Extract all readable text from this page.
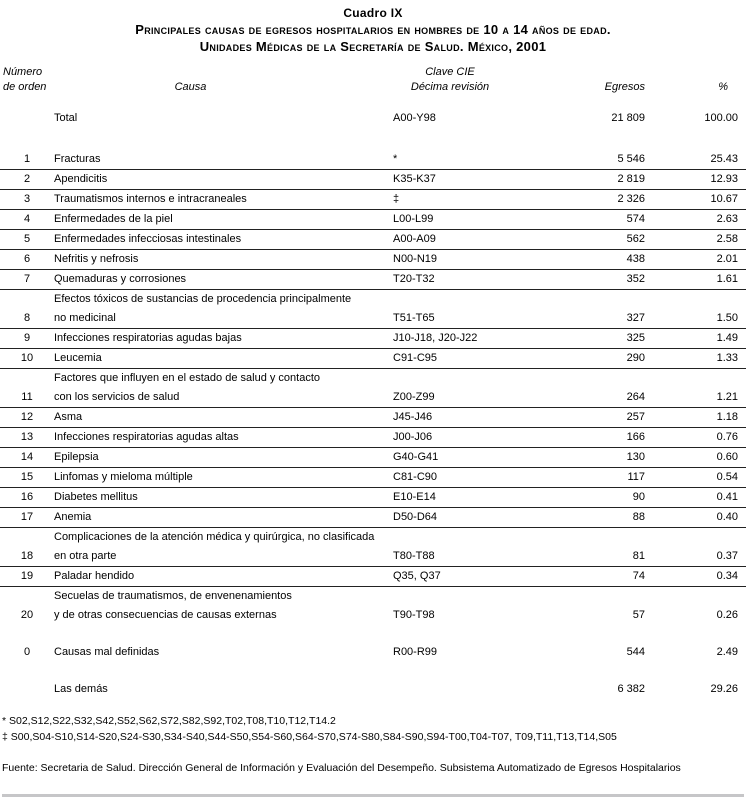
Cuadro IX
Principales causas de egresos hospitalarios en hombres de 10 a 14 años de edad.
Unidades Médicas de la Secretaría de Salud. México, 2001
Número
de orden	Causa

Clave CIE
Décima revisión	Egresos	%

	Total	A00-Y98	21 809	100.00
1	Fracturas	*	5 546	25.43
2	Apendicitis	K35-K37	2 819	12.93
3	Traumatismos internos e intracraneales	‡	2 326	10.67
4	Enfermedades de la piel	L00-L99	574	2.63
5	Enfermedades infecciosas intestinales	A00-A09	562	2.58
6	Nefritis y nefrosis	N00-N19	438	2.01
7	Quemaduras y corrosiones	T20-T32	352	1.61
8	Efectos tóxicos de sustancias de procedencia principalmente
no medicinal	T51-T65	327	1.50
9	Infecciones respiratorias agudas bajas	J10-J18, J20-J22	325	1.49
10	Leucemia	C91-C95	290	1.33
11	Factores que influyen en el estado de salud y contacto
con los servicios de salud	Z00-Z99	264	1.21
12	Asma	J45-J46	257	1.18
13	Infecciones respiratorias agudas altas	J00-J06	166	0.76
14	Epilepsia	G40-G41	130	0.60
15	Linfomas y mieloma múltiple	C81-C90	117	0.54
16	Diabetes mellitus	E10-E14	90	0.41
17	Anemia	D50-D64	88	0.40
18	Complicaciones de la atención médica y quirúrgica, no clasificada
en otra parte	T80-T88	81	0.37
19	Paladar hendido	Q35, Q37	74	0.34
20	Secuelas de traumatismos, de envenenamientos
y de otras consecuencias de causas externas	T90-T98	57	0.26
0	Causas mal definidas	R00-R99	544	2.49

	Las demás		6 382	29.26
* S02,S12,S22,S32,S42,S52,S62,S72,S82,S92,T02,T08,T10,T12,T14.2
‡ S00,S04-S10,S14-S20,S24-S30,S34-S40,S44-S50,S54-S60,S64-S70,S74-S80,S84-S90,S94-T00,T04-T07, T09,T11,T13,T14,S05
Fuente: Secretaria de Salud. Dirección General de Información y Evaluación del Desempeño. Subsistema Automatizado de Egresos Hospitalarios
